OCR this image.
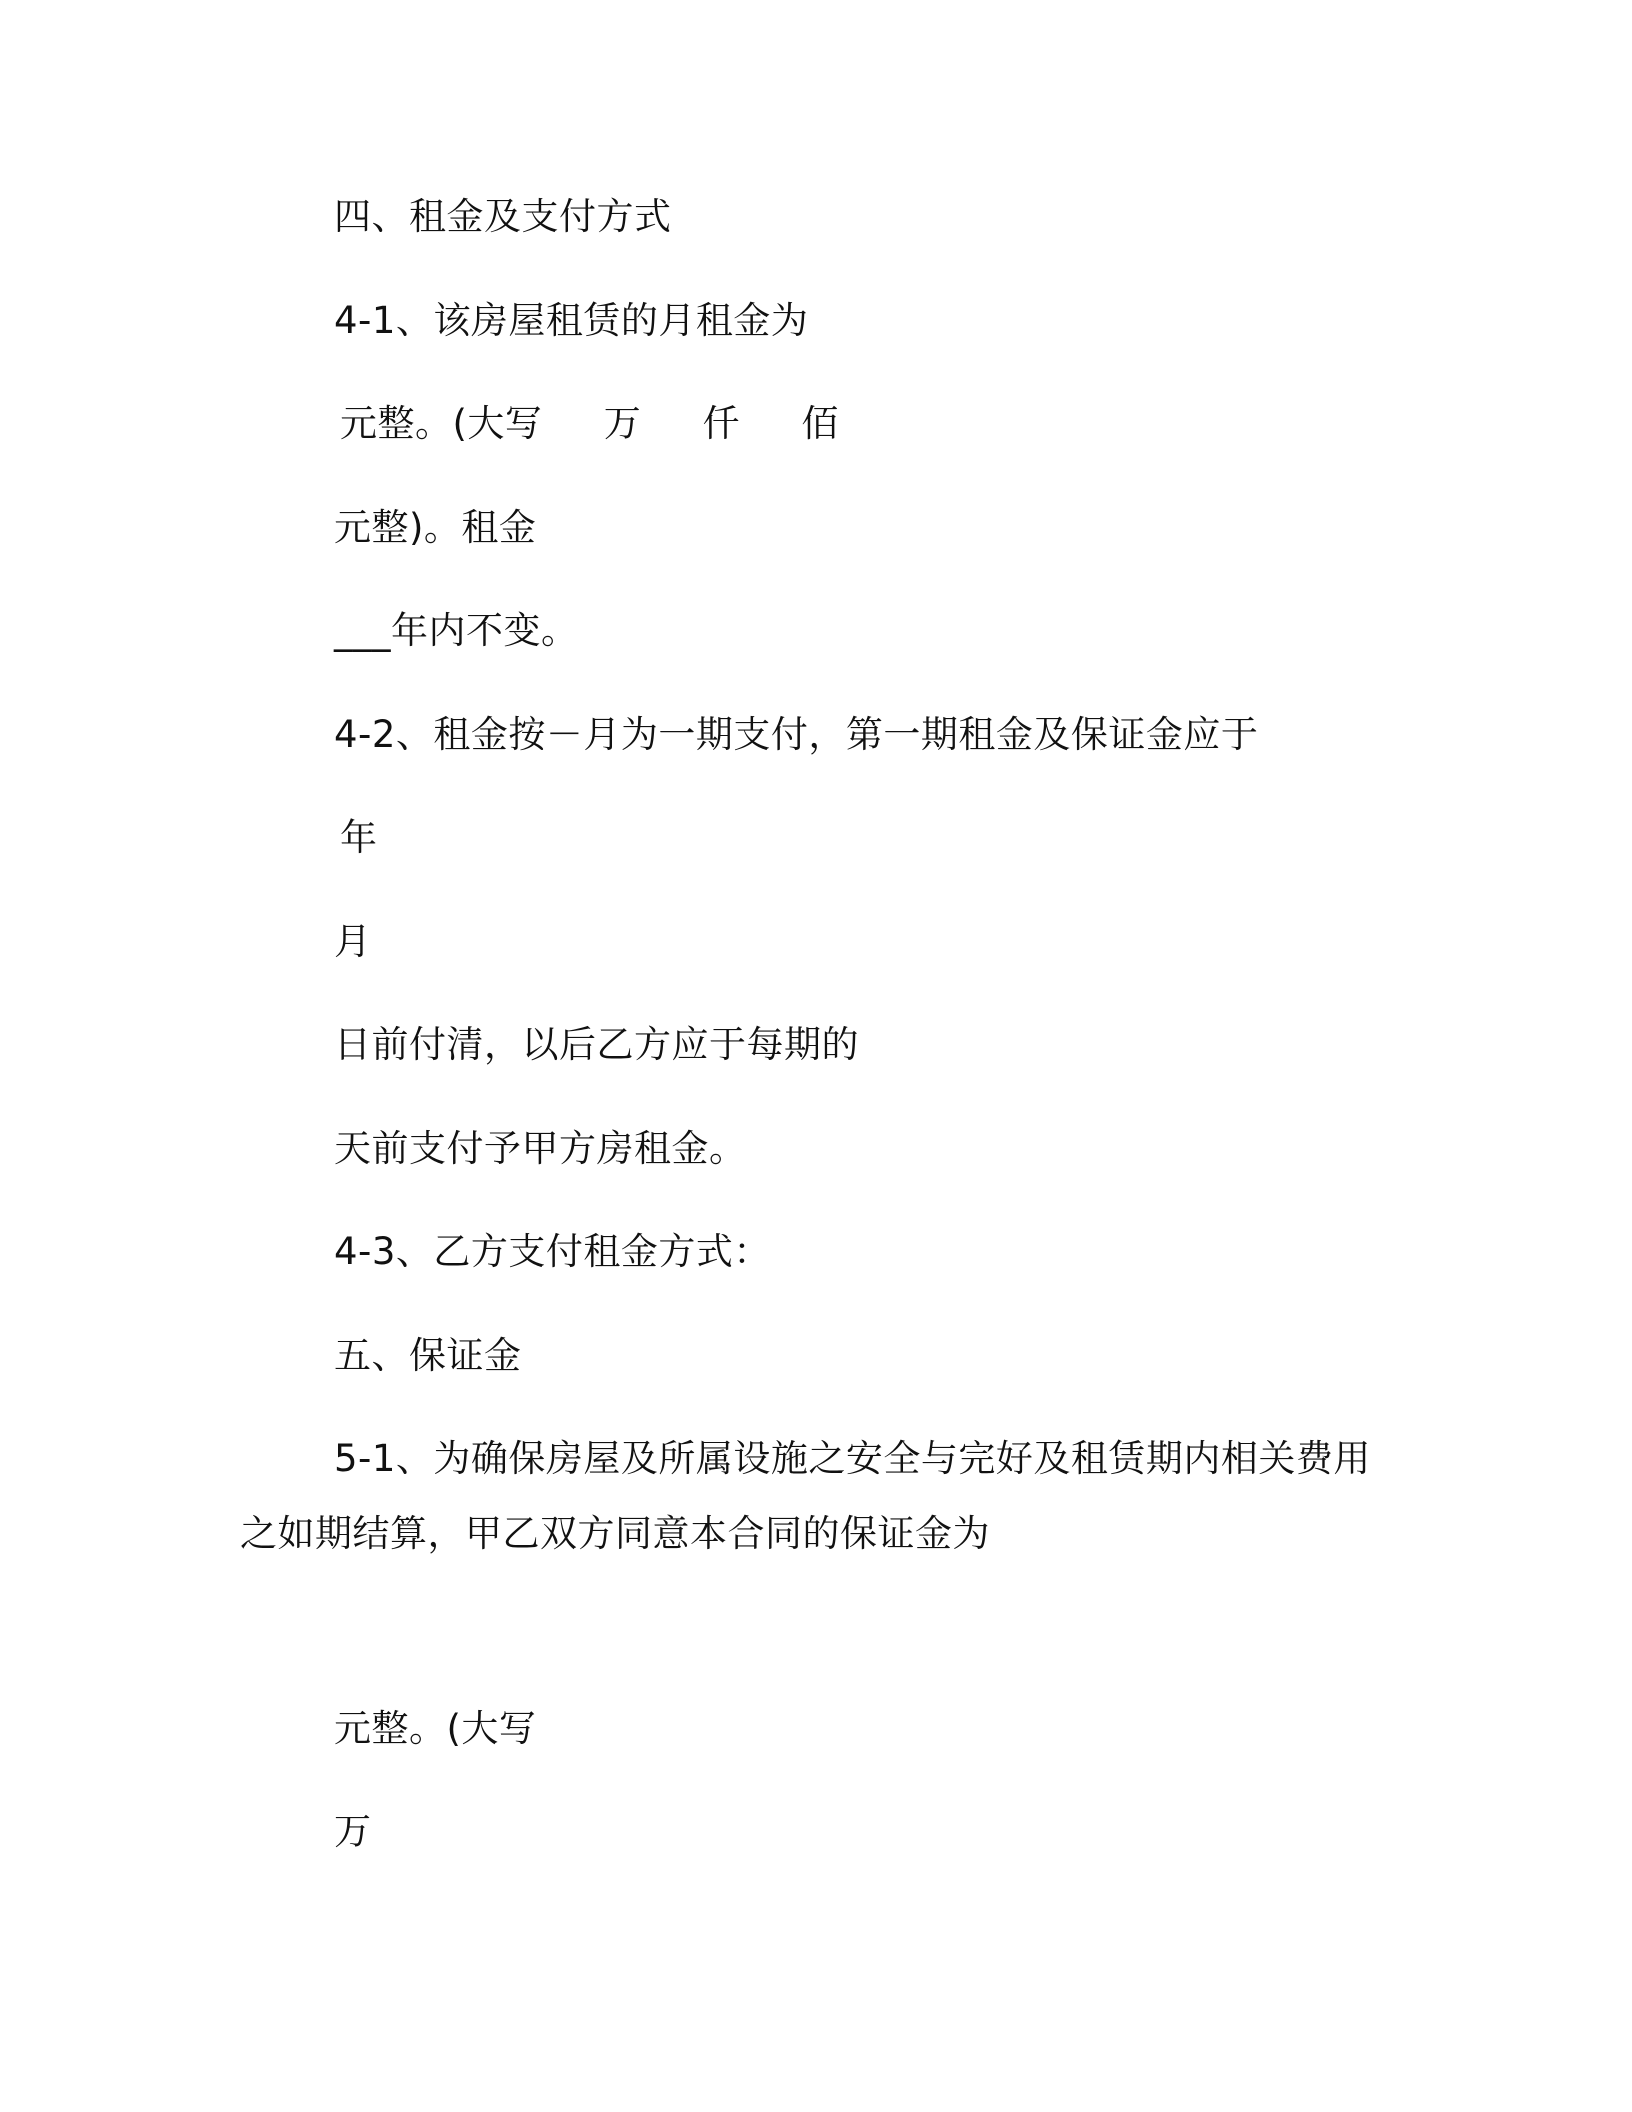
四、租金及支付方式
4-1、该房屋租赁的月租金为
元整。(大写     万     仟     佰
元整)。租金
___年内不变。
4-2、租金按－月为一期支付，第一期租金及保证金应于
年
月
日前付清，以后乙方应于每期的
天前支付予甲方房租金。
4-3、乙方支付租金方式：
五、保证金
5-1、为确保房屋及所属设施之安全与完好及租赁期内相关费用
之如期结算，甲乙双方同意本合同的保证金为
元整。(大写
万
